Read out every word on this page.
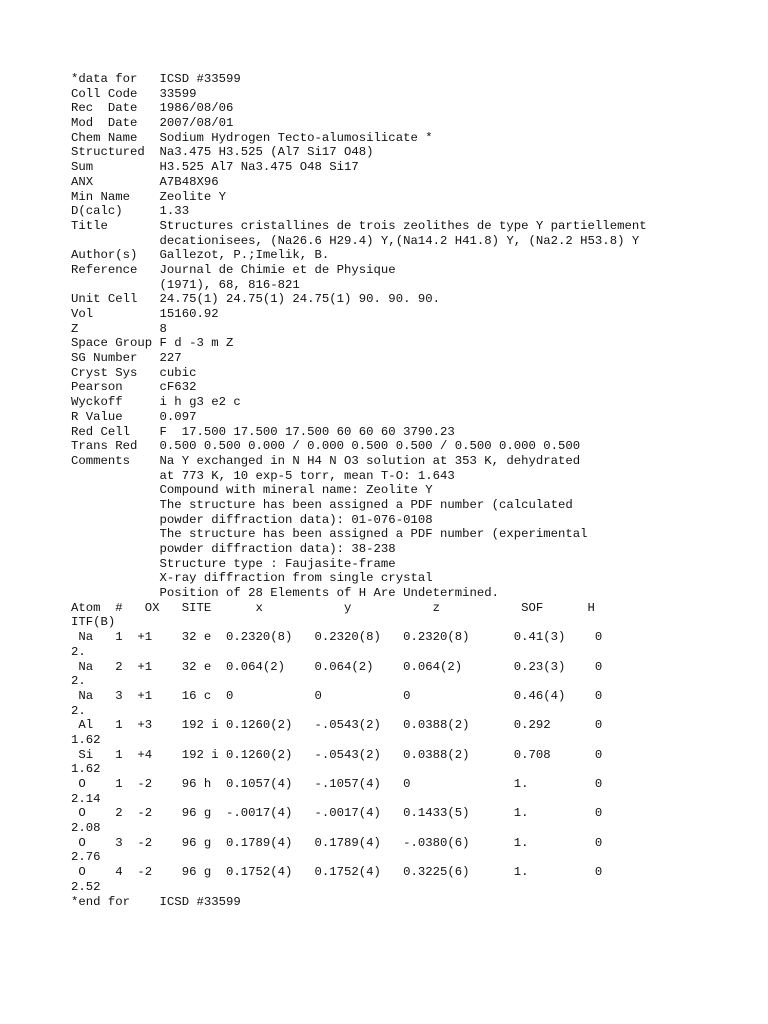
*data for   ICSD #33599
Coll Code   33599
Rec  Date   1986/08/06
Mod  Date   2007/08/01
Chem Name   Sodium Hydrogen Tecto-alumosilicate *
Structured  Na3.475 H3.525 (Al7 Si17 O48)
Sum         H3.525 Al7 Na3.475 O48 Si17
ANX         A7B48X96
Min Name    Zeolite Y
D(calc)     1.33
Title       Structures cristallines de trois zeolithes de type Y partiellement
decationisees, (Na26.6 H29.4) Y,(Na14.2 H41.8) Y, (Na2.2 H53.8) Y
Author(s)   Gallezot, P.;Imelik, B.
Reference   Journal de Chimie et de Physique
(1971), 68, 816-821
Unit Cell   24.75(1) 24.75(1) 24.75(1) 90. 90. 90.
Vol         15160.92
Z           8
Space Group F d -3 m Z
SG Number   227
Cryst Sys   cubic
Pearson     cF632
Wyckoff     i h g3 e2 c
R Value     0.097
Red Cell    F  17.500 17.500 17.500 60 60 60 3790.23
Trans Red   0.500 0.500 0.000 / 0.000 0.500 0.500 / 0.500 0.000 0.500
Comments    Na Y exchanged in N H4 N O3 solution at 353 K, dehydrated
at 773 K, 10 exp-5 torr, mean T-O: 1.643
Compound with mineral name: Zeolite Y
The structure has been assigned a PDF number (calculated
powder diffraction data): 01-076-0108
The structure has been assigned a PDF number (experimental
powder diffraction data): 38-238
Structure type : Faujasite-frame
X-ray diffraction from single crystal
Position of 28 Elements of H Are Undetermined.
Atom  #   OX   SITE      x           y           z           SOF      H
ITF(B)
Na   1  +1    32 e  0.2320(8)   0.2320(8)   0.2320(8)      0.41(3)    0
2.
Na   2  +1    32 e  0.064(2)    0.064(2)    0.064(2)       0.23(3)    0
2.
Na   3  +1    16 c  0           0           0              0.46(4)    0
2.
Al   1  +3    192 i 0.1260(2)   -.0543(2)   0.0388(2)      0.292      0
1.62
Si   1  +4    192 i 0.1260(2)   -.0543(2)   0.0388(2)      0.708      0
1.62
O    1  -2    96 h  0.1057(4)   -.1057(4)   0              1.         0
2.14
O    2  -2    96 g  -.0017(4)   -.0017(4)   0.1433(5)      1.         0
2.08
O    3  -2    96 g  0.1789(4)   0.1789(4)   -.0380(6)      1.         0
2.76
O    4  -2    96 g  0.1752(4)   0.1752(4)   0.3225(6)      1.         0
2.52
*end for    ICSD #33599
